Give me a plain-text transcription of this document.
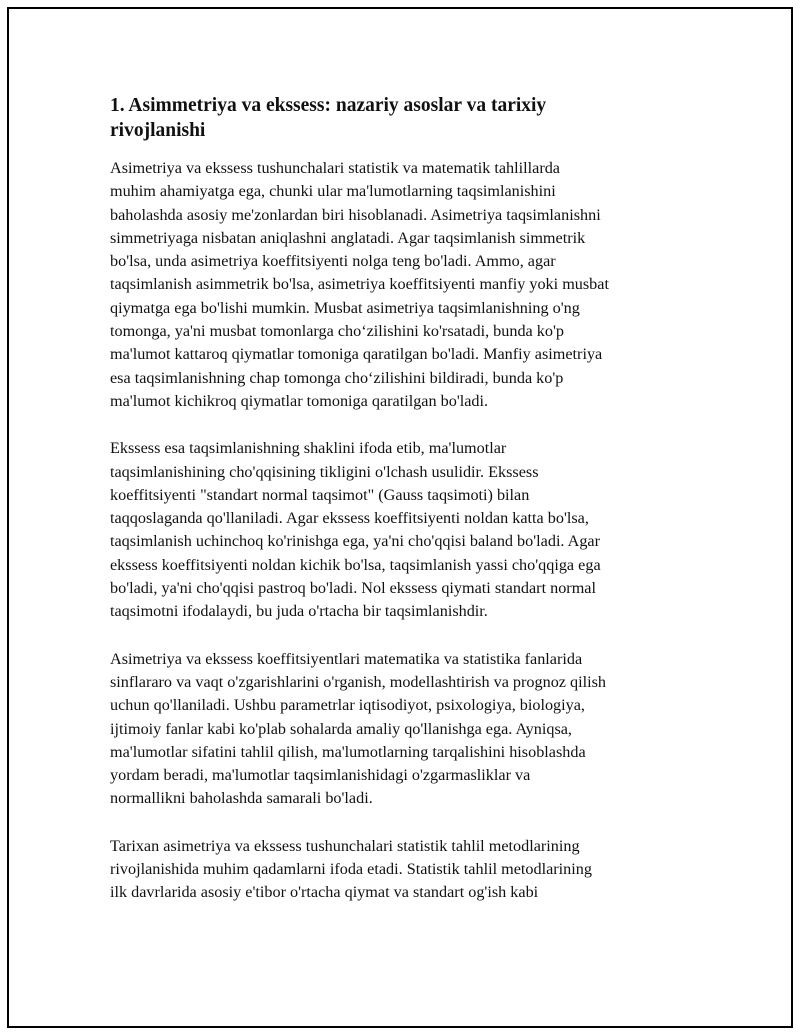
1. Asimmetriya va ekssess: nazariy asoslar va tarixiy
rivojlanishi

Asimetriya va ekssess tushunchalari statistik va matematik tahlillarda
muhim ahamiyatga ega, chunki ular ma'lumotlarning taqsimlanishini
baholashda asosiy me'zonlardan biri hisoblanadi. Asimetriya taqsimlanishni
simmetriyaga nisbatan aniqlashni anglatadi. Agar taqsimlanish simmetrik
bo'lsa, unda asimetriya koeffitsiyenti nolga teng bo'ladi. Ammo, agar
taqsimlanish asimmetrik bo'lsa, asimetriya koeffitsiyenti manfiy yoki musbat
qiymatga ega bo'lishi mumkin. Musbat asimetriya taqsimlanishning o'ng
tomonga, ya'ni musbat tomonlarga cho‘zilishini ko'rsatadi, bunda ko'p
ma'lumot kattaroq qiymatlar tomoniga qaratilgan bo'ladi. Manfiy asimetriya
esa taqsimlanishning chap tomonga cho‘zilishini bildiradi, bunda ko'p
ma'lumot kichikroq qiymatlar tomoniga qaratilgan bo'ladi.

Ekssess esa taqsimlanishning shaklini ifoda etib, ma'lumotlar
taqsimlanishining cho'qqisining tikligini o'lchash usulidir. Ekssess
koeffitsiyenti "standart normal taqsimot" (Gauss taqsimoti) bilan
taqqoslaganda qo'llaniladi. Agar ekssess koeffitsiyenti noldan katta bo'lsa,
taqsimlanish uchinchoq ko'rinishga ega, ya'ni cho'qqisi baland bo'ladi. Agar
ekssess koeffitsiyenti noldan kichik bo'lsa, taqsimlanish yassi cho'qqiga ega
bo'ladi, ya'ni cho'qqisi pastroq bo'ladi. Nol ekssess qiymati standart normal
taqsimotni ifodalaydi, bu juda o'rtacha bir taqsimlanishdir.

Asimetriya va ekssess koeffitsiyentlari matematika va statistika fanlarida
sinflararo va vaqt o'zgarishlarini o'rganish, modellashtirish va prognoz qilish
uchun qo'llaniladi. Ushbu parametrlar iqtisodiyot, psixologiya, biologiya,
ijtimoiy fanlar kabi ko'plab sohalarda amaliy qo'llanishga ega. Ayniqsa,
ma'lumotlar sifatini tahlil qilish, ma'lumotlarning tarqalishini hisoblashda
yordam beradi, ma'lumotlar taqsimlanishidagi o'zgarmasliklar va
normallikni baholashda samarali bo'ladi.

Tarixan asimetriya va ekssess tushunchalari statistik tahlil metodlarining
rivojlanishida muhim qadamlarni ifoda etadi. Statistik tahlil metodlarining
ilk davrlarida asosiy e'tibor o'rtacha qiymat va standart og'ish kabi
